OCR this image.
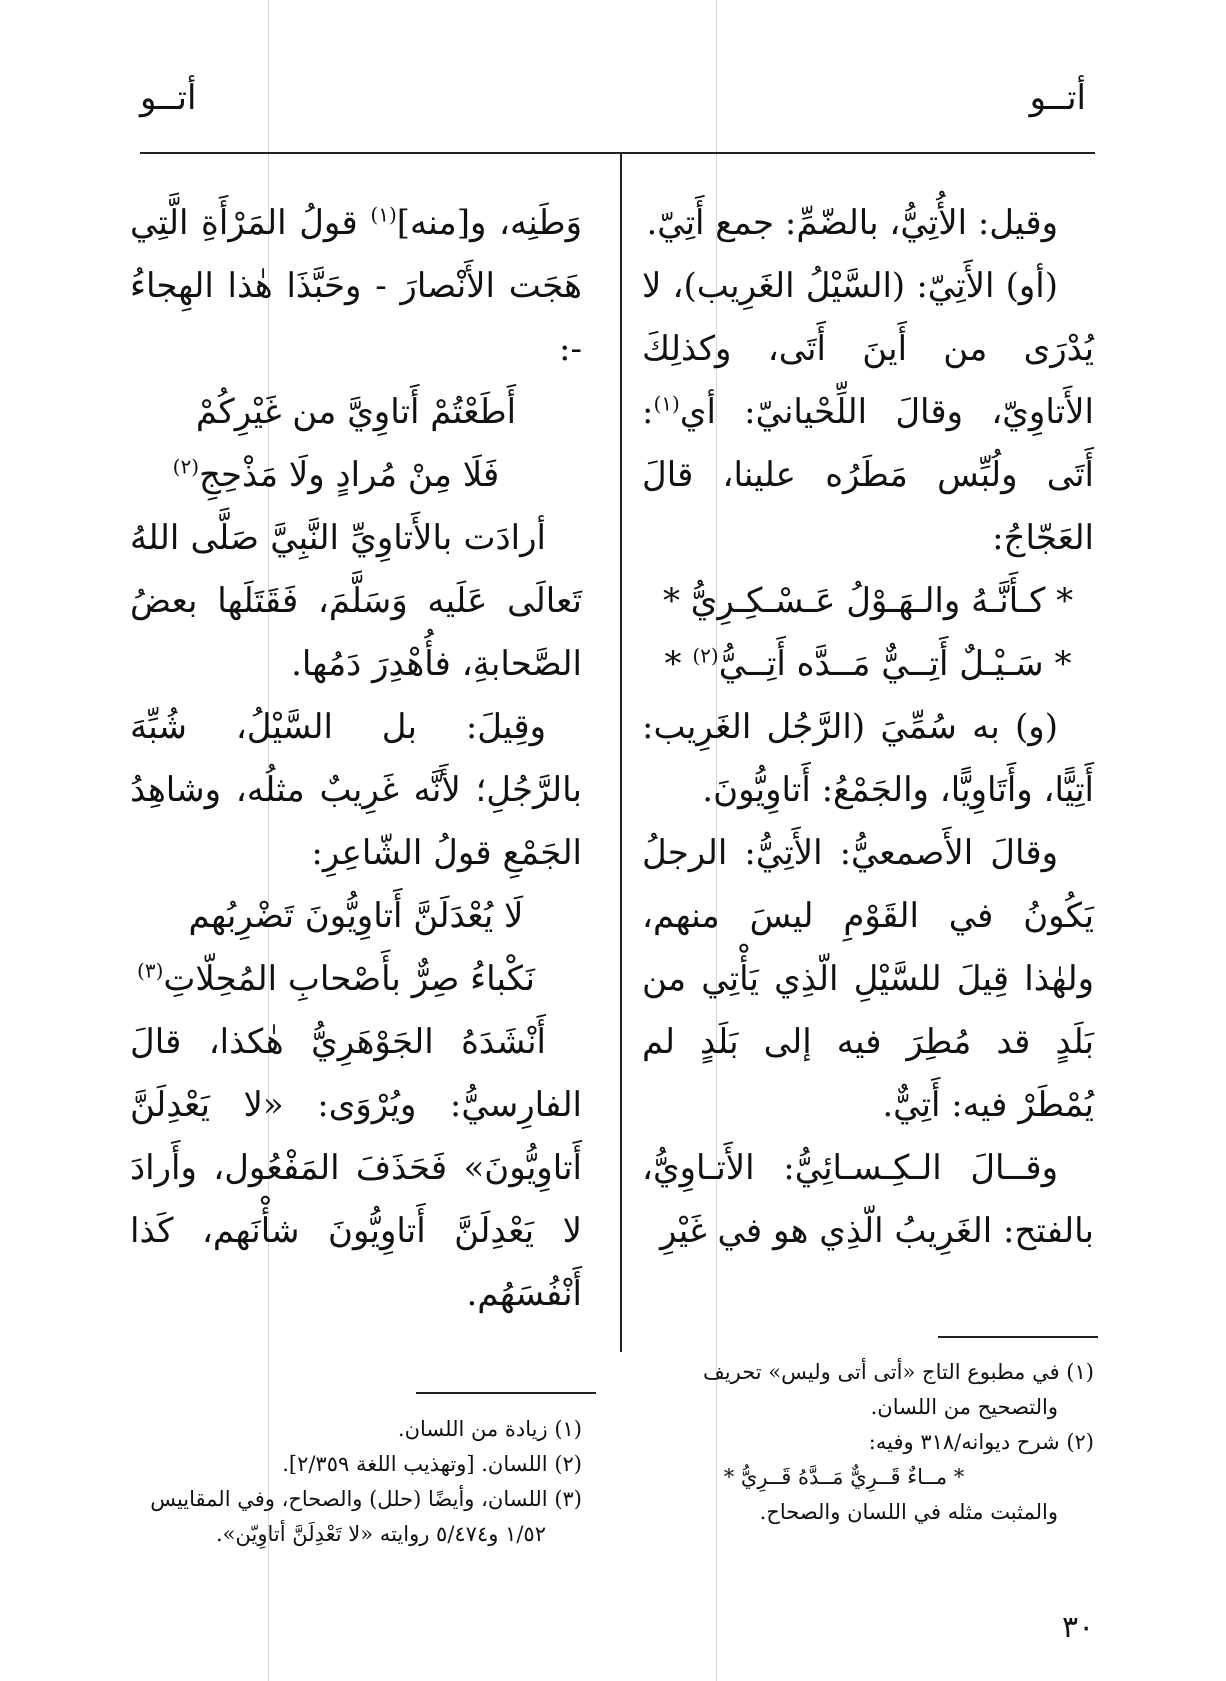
أتــو
أتــو

وقيل: الأُتِيُّ، بالضّمِّ: جمع أَتِيّ.

(أو) الأَتِيّ: (السَّيْلُ الغَرِيب)، لا يُدْرَى من أَينَ أَتَى، وكذلِكَ الأَتاوِيّ، وقالَ اللِّحْيانيّ: أي$^{(١)}$: أَتَى ولُبِّس مَطَرُه علينا، قالَ العَجّاجُ:

* كـأَنَّـهُ والـهَـوْلُ عَـسْـكِـرِيُّ *

* سَـيْـلٌ أَتِــيٌّ مَــدَّه أَتِــيُّ$^{(٢)}$ *

(و) به سُمِّيَ (الرَّجُل الغَرِيب: أَتِيًّا، وأَتَاوِيًّا، والجَمْعُ: أَتاوِيُّونَ.

وقالَ الأَصمعيُّ: الأَتِيُّ: الرجلُ يَكُونُ في القَوْمِ ليسَ منهم، ولهٰذا قِيلَ للسَّيْلِ الّذِي يَأْتِي من بَلَدٍ قد مُطِرَ فيه إلى بَلَدٍ لم يُمْطَرْ فيه: أَتِيٌّ.

وقــالَ الـكِـسـائِيُّ: الأَتـاوِيُّ، بالفتح: الغَرِيبُ الّذِي هو في غَيْرِ

وَطَنِه، و[منه]$^{(١)}$ قولُ المَرْأَةِ الَّتِي هَجَت الأَنْصارَ - وحَبَّذَا هٰذا الهِجاءُ -:

أَطَعْتُمْ أَتاوِيَّ من غَيْرِكُمْ

فَلَا مِنْ مُرادٍ ولَا مَذْحِجِ$^{(٢)}$

أرادَت بالأَتاوِيِّ النَّبِيَّ صَلَّى اللهُ تَعالَى عَلَيه وَسَلَّمَ، فَقَتَلَها بعضُ الصَّحابةِ، فأُهْدِرَ دَمُها.

وقِيلَ: بل السَّيْلُ، شُبِّهَ بالرَّجُلِ؛ لأَنَّه غَرِيبٌ مثلُه، وشاهِدُ الجَمْعِ قولُ الشّاعِرِ:

لَا يُعْدَلَنَّ أَتاوِيُّونَ تَضْرِبُهم

نَكْباءُ صِرٌّ بأَصْحابِ المُحِلّاتِ$^{(٣)}$

أَنْشَدَهُ الجَوْهَرِيُّ هٰكذا، قالَ الفارِسيُّ: ويُرْوَى: «لا يَعْدِلَنَّ أَتاوِيُّونَ» فَحَذَفَ المَفْعُول، وأَرادَ لا يَعْدِلَنَّ أَتاوِيُّونَ شأْنَهم، كَذا أَنْفُسَهُم.

(١) في مطبوع التاج «أتى أتى وليس» تحريف

والتصحيح من اللسان.

(٢) شرح ديوانه/٣١٨ وفيه:

* مــاءٌ قَــرِيٌّ مَــدَّهُ قَــرِيُّ *

والمثبت مثله في اللسان والصحاح.

(١) زيادة من اللسان.

(٢) اللسان. [وتهذيب اللغة ٢/٣٥٩].

(٣) اللسان، وأيضًا (حلل) والصحاح، وفي المقاييس

١/٥٢ و٥/٤٧٤ روايته «لا تَعْدِلَنَّ أتاوِيّن».

٣٠
